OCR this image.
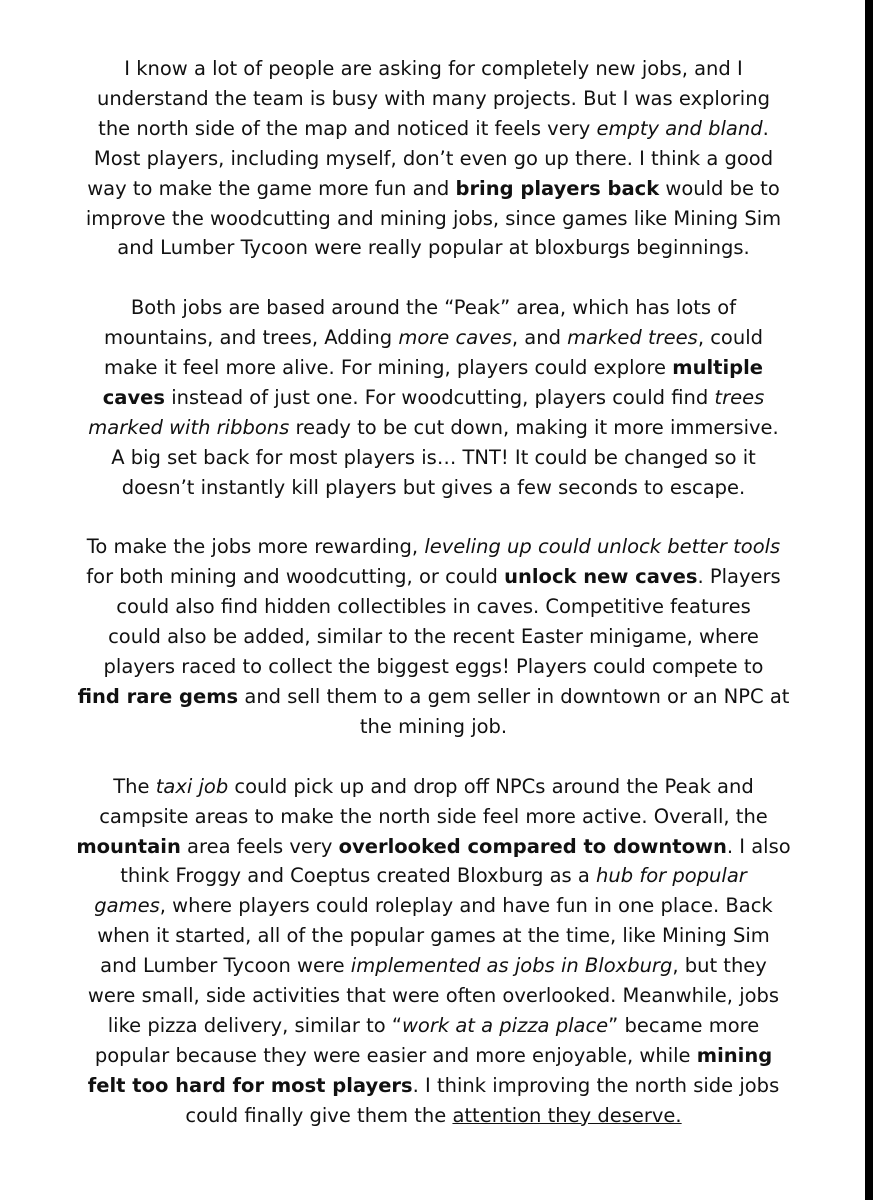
I know a lot of people are asking for completely new jobs, and I
understand the team is busy with many projects. But I was exploring
the north side of the map and noticed it feels very empty and bland.
Most players, including myself, don’t even go up there. I think a good
way to make the game more fun and bring players back would be to
improve the woodcutting and mining jobs, since games like Mining Sim
and Lumber Tycoon were really popular at bloxburgs beginnings.

Both jobs are based around the “Peak” area, which has lots of
mountains, and trees, Adding more caves, and marked trees, could
make it feel more alive. For mining, players could explore multiple
caves instead of just one. For woodcutting, players could find trees
marked with ribbons ready to be cut down, making it more immersive.
A big set back for most players is… TNT! It could be changed so it
doesn’t instantly kill players but gives a few seconds to escape.

To make the jobs more rewarding, leveling up could unlock better tools
for both mining and woodcutting, or could unlock new caves. Players
could also find hidden collectibles in caves. Competitive features
could also be added, similar to the recent Easter minigame, where
players raced to collect the biggest eggs! Players could compete to
find rare gems and sell them to a gem seller in downtown or an NPC at
the mining job.

The taxi job could pick up and drop off NPCs around the Peak and
campsite areas to make the north side feel more active. Overall, the
mountain area feels very overlooked compared to downtown. I also
think Froggy and Coeptus created Bloxburg as a hub for popular
games, where players could roleplay and have fun in one place. Back
when it started, all of the popular games at the time, like Mining Sim
and Lumber Tycoon were implemented as jobs in Bloxburg, but they
were small, side activities that were often overlooked. Meanwhile, jobs
like pizza delivery, similar to “work at a pizza place” became more
popular because they were easier and more enjoyable, while mining
felt too hard for most players. I think improving the north side jobs
could finally give them the attention they deserve.
